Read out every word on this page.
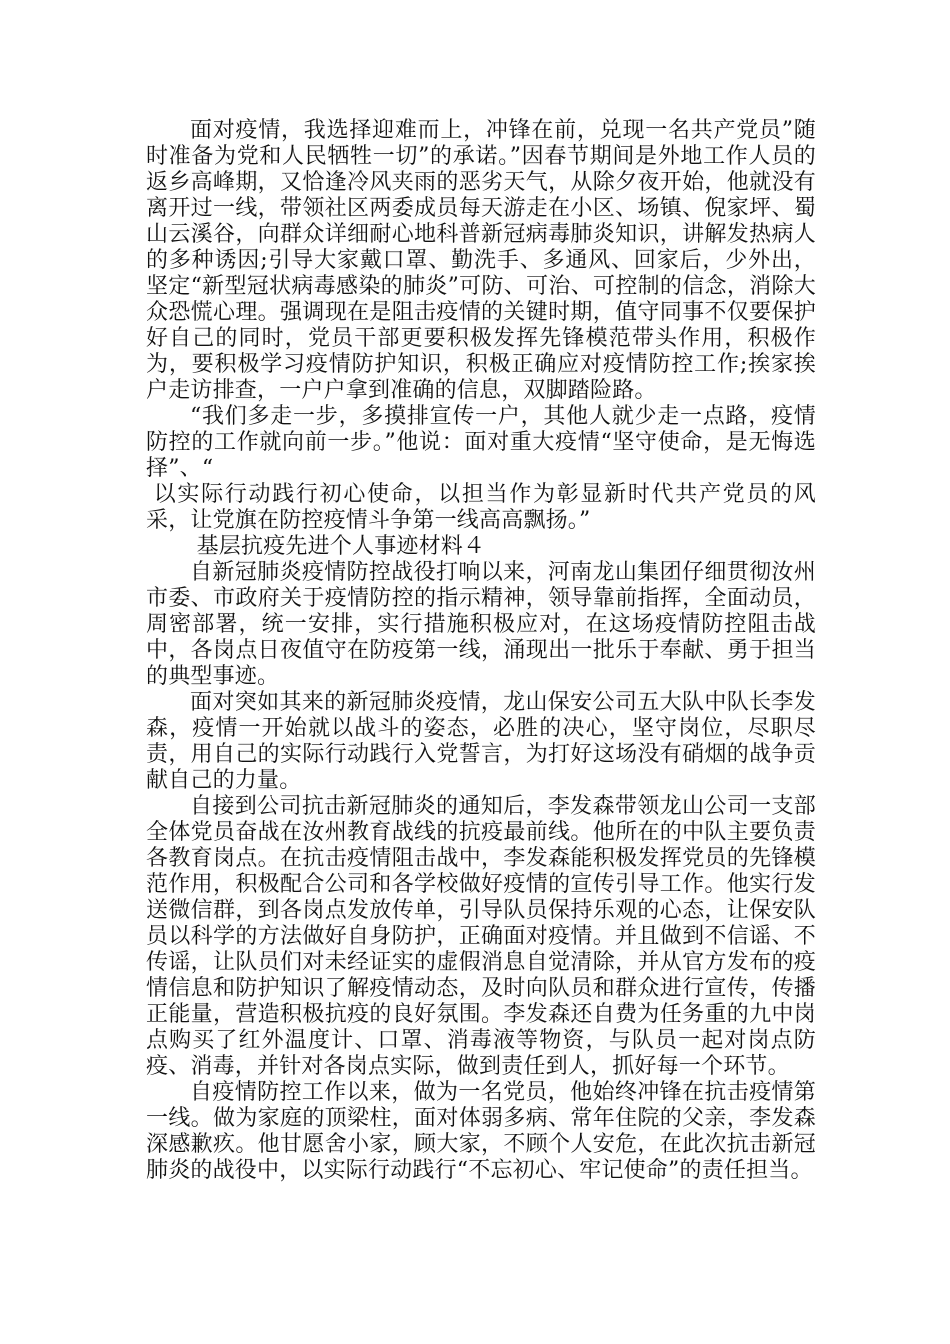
面对疫情，我选择迎难而上，冲锋在前，兑现一名共产党员”随时准备为党和人民牺牲一切”的承诺。”因春节期间是外地工作人员的返乡高峰期，又恰逢冷风夹雨的恶劣天气，从除夕夜开始，他就没有离开过一线，带领社区两委成员每天游走在小区、场镇、倪家坪、蜀山云溪谷，向群众详细耐心地科普新冠病毒肺炎知识，讲解发热病人的多种诱因;引导大家戴口罩、勤洗手、多通风、回家后，少外出，坚定“新型冠状病毒感染的肺炎”可防、可治、可控制的信念，消除大众恐慌心理。强调现在是阻击疫情的关键时期，值守同事不仅要保护好自己的同时，党员干部更要积极发挥先锋模范带头作用，积极作为，要积极学习疫情防护知识，积极正确应对疫情防控工作;挨家挨户走访排查，一户户拿到准确的信息，双脚踏险路。

“我们多走一步，多摸排宣传一户，其他人就少走一点路，疫情防控的工作就向前一步。”他说：面对重大疫情“坚守使命，是无悔选择”、“

以实际行动践行初心使命，以担当作为彰显新时代共产党员的风采，让党旗在防控疫情斗争第一线高高飘扬。”

基层抗疫先进个人事迹材料４

自新冠肺炎疫情防控战役打响以来，河南龙山集团仔细贯彻汝州市委、市政府关于疫情防控的指示精神，领导靠前指挥，全面动员，周密部署，统一安排，实行措施积极应对，在这场疫情防控阻击战中，各岗点日夜值守在防疫第一线，涌现出一批乐于奉献、勇于担当的典型事迹。

面对突如其来的新冠肺炎疫情，龙山保安公司五大队中队长李发森，疫情一开始就以战斗的姿态，必胜的决心，坚守岗位，尽职尽责，用自己的实际行动践行入党誓言，为打好这场没有硝烟的战争贡献自己的力量。

自接到公司抗击新冠肺炎的通知后，李发森带领龙山公司一支部全体党员奋战在汝州教育战线的抗疫最前线。他所在的中队主要负责各教育岗点。在抗击疫情阻击战中，李发森能积极发挥党员的先锋模范作用，积极配合公司和各学校做好疫情的宣传引导工作。他实行发送微信群，到各岗点发放传单，引导队员保持乐观的心态，让保安队员以科学的方法做好自身防护，正确面对疫情。并且做到不信谣、不传谣，让队员们对未经证实的虚假消息自觉清除，并从官方发布的疫情信息和防护知识了解疫情动态，及时向队员和群众进行宣传，传播正能量，营造积极抗疫的良好氛围。李发森还自费为任务重的九中岗点购买了红外温度计、口罩、消毒液等物资，与队员一起对岗点防疫、消毒，并针对各岗点实际，做到责任到人，抓好每一个环节。

自疫情防控工作以来，做为一名党员，他始终冲锋在抗击疫情第一线。做为家庭的顶梁柱，面对体弱多病、常年住院的父亲，李发森深感歉疚。他甘愿舍小家，顾大家，不顾个人安危，在此次抗击新冠肺炎的战役中，以实际行动践行“不忘初心、牢记使命”的责任担当。
